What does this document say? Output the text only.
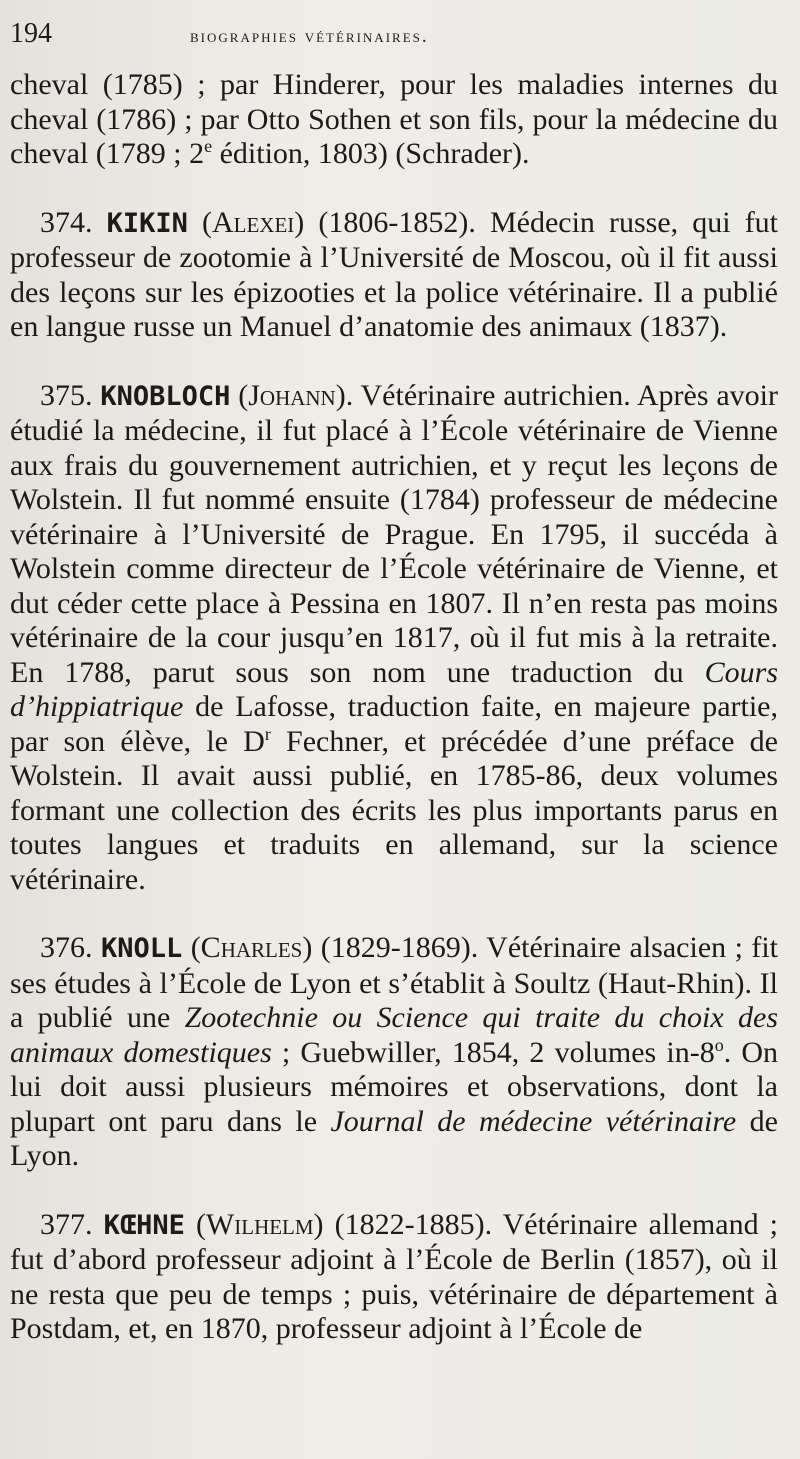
194	biographies vétérinaires.

cheval (1785) ; par Hinderer, pour les maladies internes du cheval (1786) ; par Otto Sothen et son fils, pour la médecine du cheval (1789 ; 2e édition, 1803) (Schrader).

374. KIKIN (Alexei) (1806-1852). Médecin russe, qui fut professeur de zootomie à l’Université de Moscou, où il fit aussi des leçons sur les épizooties et la police vétérinaire. Il a publié en langue russe un Manuel d’anatomie des animaux (1837).

375. KNOBLOCH (Johann). Vétérinaire autrichien. Après avoir étudié la médecine, il fut placé à l’École vétérinaire de Vienne aux frais du gouvernement autrichien, et y reçut les leçons de Wolstein. Il fut nommé ensuite (1784) professeur de médecine vétérinaire à l’Université de Prague. En 1795, il succéda à Wolstein comme directeur de l’École vétérinaire de Vienne, et dut céder cette place à Pessina en 1807. Il n’en resta pas moins vétérinaire de la cour jusqu’en 1817, où il fut mis à la retraite. En 1788, parut sous son nom une traduction du Cours d’hippiatrique de Lafosse, traduction faite, en majeure partie, par son élève, le $D^r$ Fechner, et précédée d’une préface de Wolstein. Il avait aussi publié, en 1785-86, deux volumes formant une collection des écrits les plus importants parus en toutes langues et traduits en allemand, sur la science vétérinaire.

376. KNOLL (Charles) (1829-1869). Vétérinaire alsacien ; fit ses études à l’École de Lyon et s’établit à Soultz (Haut-Rhin). Il a publié une Zootechnie ou Science qui traite du choix des animaux domestiques ; Guebwiller, 1854, 2 volumes in-8$^o$. On lui doit aussi plusieurs mémoires et observations, dont la plupart ont paru dans le Journal de médecine vétérinaire de Lyon.

377. KŒHNE (Wilhelm) (1822-1885). Vétérinaire allemand ; fut d’abord professeur adjoint à l’École de Berlin (1857), où il ne resta que peu de temps ; puis, vétérinaire de département à Postdam, et, en 1870, professeur adjoint à l’École de
